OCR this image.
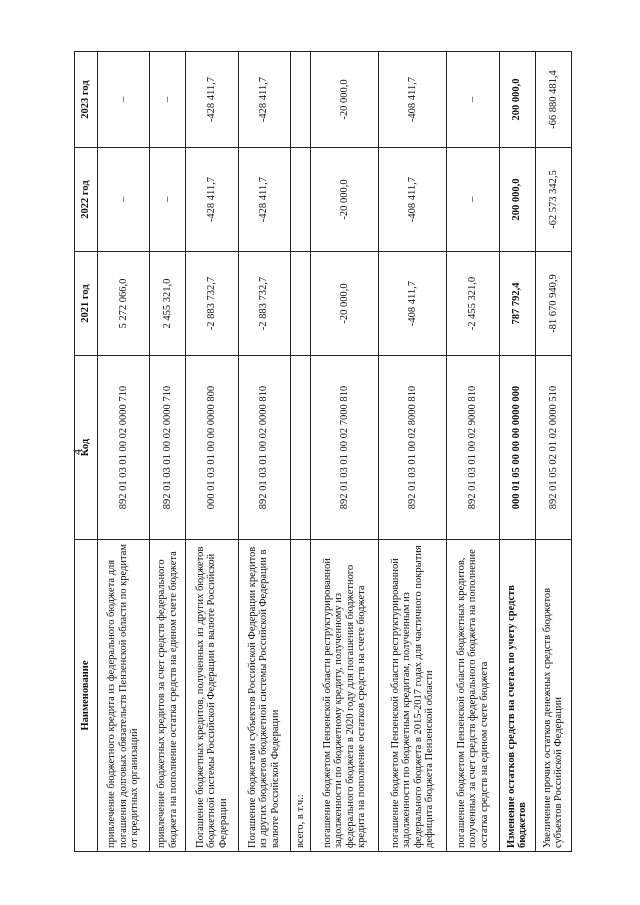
4
Наименование	Код	2021 год	2022 год	2023 год
привлечение бюджетного кредита из федерального бюджета для погашения долговых обязательств Пензенской области по кредитам от кредитных организаций	892 01 03 01 00 02 0000 710	5 272 066,0	–	–
привлечение бюджетных кредитов за счет средств федерального бюджета на пополнение остатка средств на едином счете бюджета	892 01 03 01 00 02 0000 710	2 455 321,0	–	–
Погашение бюджетных кредитов, полученных из других бюджетов бюджетной системы Российской Федерации в валюте Российской Федерации	000 01 03 01 00 00 0000 800	-2 883 732,7	-428 411,7	-428 411,7
Погашение бюджетами субъектов Российской Федерации кредитов из других бюджетов бюджетной системы Российской Федерации в валюте Российской Федерации	892 01 03 01 00 02 0000 810	-2 883 732,7	-428 411,7	-428 411,7
всего, в т.ч.:				
погашение бюджетом Пензенской области реструктурированной задолженности по бюджетному кредиту, полученному из федерального бюджета в 2020 году для погашения бюджетного кредита на пополнение остатков средств на счете бюджета	892 01 03 01 00 02 7000 810	-20 000,0	-20 000,0	-20 000,0
погашение бюджетом Пензенской области реструктурированной задолженности по бюджетным кредитам, полученным из федерального бюджета в 2015-2017 годах для частичного покрытия дефицита бюджета Пензенской области	892 01 03 01 00 02 8000 810	-408 411,7	-408 411,7	-408 411,7
погашение бюджетом Пензенской области бюджетных кредитов, полученных за счет средств федерального бюджета на пополнение остатка средств на едином счете бюджета	892 01 03 01 00 02 9000 810	-2 455 321,0	–	–
Изменение остатков средств на счетах по учету средств бюджетов	000 01 05 00 00 00 0000 000	787 792,4	200 000,0	200 000,0
Увеличение прочих остатков денежных средств бюджетов субъектов Российской Федерации	892 01 05 02 01 02 0000 510	-81 670 940,9	-62 573 342,5	-66 880 481,4
